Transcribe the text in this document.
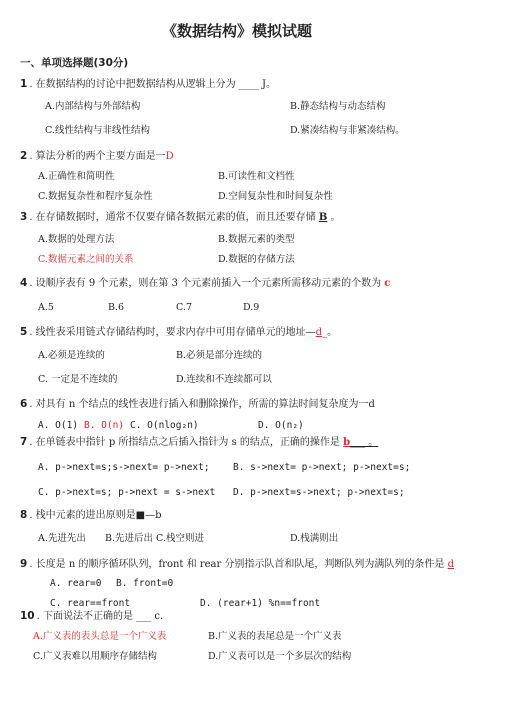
《数据结构》模拟试题
一、单项选择题(30分)
1 . 在数据结构的讨论中把数据结构从逻辑上分为 ____ J。
A.内部结构与外部结构	B.静态结构与动态结构
C.线性结构与非线性结构	D.紧凑结构与非紧凑结构。
2 . 算法分析的两个主要方面是一D
A.正确性和简明性	B.可读性和文档性
C.数据复杂性和程序复杂性	D.空间复杂性和时间复杂性
3 . 在存储数据时，通常不仅要存储各数据元素的值，而且还要存储 B 。
A.数据的处理方法	B.数据元素的类型
C.数据元素之间的关系	D.数据的存储方法
4 . 设顺序表有 9 个元素，则在第 3 个元素前插入一个元素所需移动元素的个数为 c
A.5	B.6	C.7	D.9
5 . 线性表采用链式存储结构时，要求内存中可用存储单元的地址—d_。
A.必须是连续的	B.必须是部分连续的
C. 一定是不连续的	D.连续和不连续都可以
6 . 对具有 n 个结点的线性表进行插入和删除操作，所需的算法时间复杂度为一d
A. O(1) B. O(n) C. O(nlog₂n)	D. O(n₂)
7 . 在单链表中指针 p 所指结点之后插入指针为 s 的结点，正确的操作是 b___ 。
A. p->next=s;s->next= p->next; B. s->next= p->next; p->next=s;
C. p->next=s; p->next = s->next D. p->next=s->next; p->next=s;
8 . 栈中元素的进出原则是■—b
A.先进先出 B.先进后出 C.栈空则进	D.栈满则出
9 . 长度是 n 的顺序循环队列，front 和 rear 分别指示队首和队尾，判断队列为满队列的条件是 d
A. rear=0 B. front=0
C. rear==front	D. (rear+1) %n==front
10 . 下面说法不正确的是 ___ c.
A.广义表的表头总是一个广义表	B.广义表的表尾总是一个广义表
C.广义表难以用顺序存储结构	D.广义表可以是一个多层次的结构
